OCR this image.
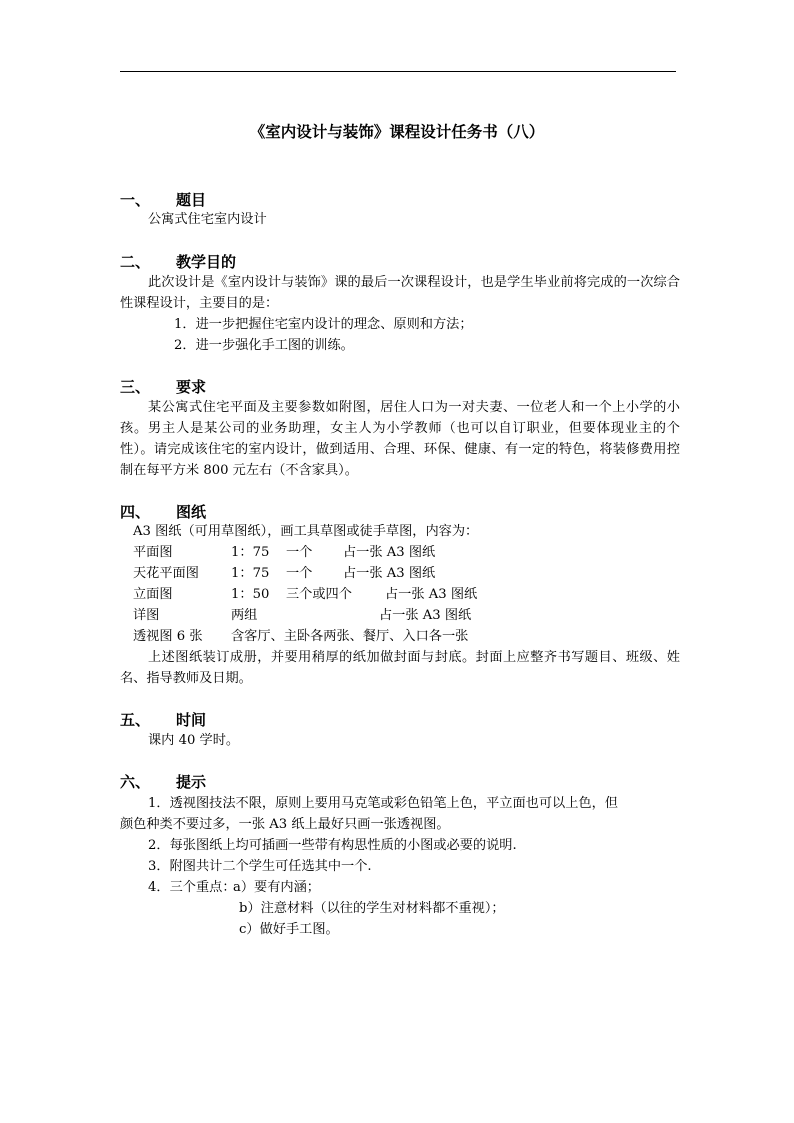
《室内设计与装饰》课程设计任务书（八）
一、 题目
公寓式住宅室内设计
二、 教学目的
此次设计是《室内设计与装饰》课的最后一次课程设计，也是学生毕业前将完成的一次综合性课程设计，主要目的是：
1．进一步把握住宅室内设计的理念、原则和方法；
2．进一步强化手工图的训练。
三、 要求
某公寓式住宅平面及主要参数如附图，居住人口为一对夫妻、一位老人和一个上小学的小孩。男主人是某公司的业务助理，女主人为小学教师（也可以自订职业，但要体现业主的个性）。请完成该住宅的室内设计，做到适用、合理、环保、健康、有一定的特色，将装修费用控制在每平方米 800 元左右（不含家具）。
四、 图纸
A3 图纸（可用草图纸），画工具草图或徒手草图，内容为：
平面图	1：75 一个 占一张 A3 图纸
天花平面图 1：75 一个 占一张 A3 图纸
立面图	1：50 三个或四个	占一张 A3 图纸
详图	两组	占一张 A3 图纸
透视图 6 张 含客厅、主卧各两张、餐厅、入口各一张
上述图纸装订成册，并要用稍厚的纸加做封面与封底。封面上应整齐书写题目、班级、姓名、指导教师及日期。
五、 时间
课内 40 学时。
六、 提示
1．透视图技法不限，原则上要用马克笔或彩色铅笔上色，平立面也可以上色，但
颜色种类不要过多，一张 A3 纸上最好只画一张透视图。
2．每张图纸上均可插画一些带有构思性质的小图或必要的说明.
3．附图共计二个学生可任选其中一个.
4．三个重点：
a）要有内涵；
b）注意材料（以往的学生对材料都不重视）；
c）做好手工图。
